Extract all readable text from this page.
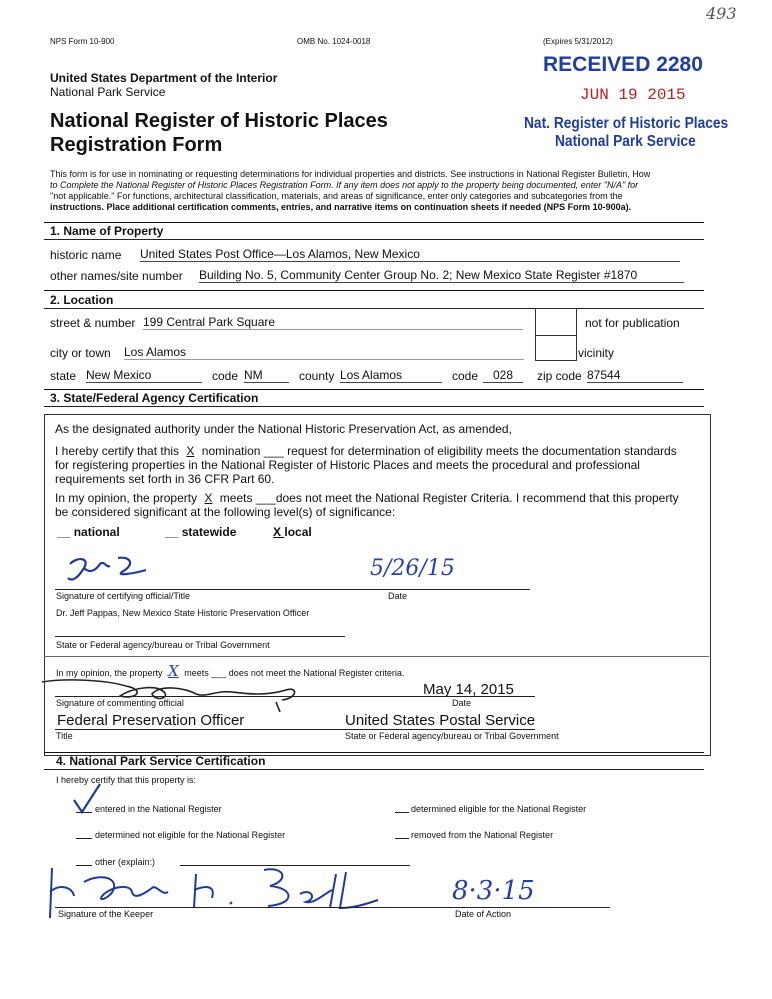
NPS Form 10-900	OMB No. 1024-0018	(Expires 5/31/2012)
493
United States Department of the Interior
National Park Service
National Register of Historic Places
Registration Form
RECEIVED 2280
JUN 19 2015
Nat. Register of Historic Places
National Park Service
This form is for use in nominating or requesting determinations for individual properties and districts. See instructions in National Register Bulletin, How
to Complete the National Register of Historic Places Registration Form. If any item does not apply to the property being documented, enter "N/A" for
"not applicable." For functions, architectural classification, materials, and areas of significance, enter only categories and subcategories from the
instructions. Place additional certification comments, entries, and narrative items on continuation sheets if needed (NPS Form 10-900a).
1. Name of Property
historic name United States Post Office—Los Alamos, New Mexico
other names/site number Building No. 5, Community Center Group No. 2; New Mexico State Register #1870
2. Location
street & number 199 Central Park Square	not for publication
city or town Los Alamos	vicinity
state New Mexico	code NM	county Los Alamos	code	028	zip code 87544
3. State/Federal Agency Certification
As the designated authority under the National Historic Preservation Act, as amended,
I hereby certify that this X nomination ___ request for determination of eligibility meets the documentation standards
for registering properties in the National Register of Historic Places and meets the procedural and professional
requirements set forth in 36 CFR Part 60.
In my opinion, the property X meets ___does not meet the National Register Criteria. I recommend that this property
be considered significant at the following level(s) of significance:
__ national	__ statewide	X local
5/26/15
Signature of certifying official/Title	Date
Dr. Jeff Pappas, New Mexico State Historic Preservation Officer
State or Federal agency/bureau or Tribal Government
In my opinion, the property X meets ___ does not meet the National Register criteria.
May 14, 2015
Signature of commenting official	Date
Federal Preservation Officer	United States Postal Service
Title	State or Federal agency/bureau or Tribal Government
4. National Park Service Certification
I hereby certify that this property is:
entered in the National Register	determined eligible for the National Register
determined not eligible for the National Register	removed from the National Register
other (explain:)
8·3·15
Signature of the Keeper	Date of Action
